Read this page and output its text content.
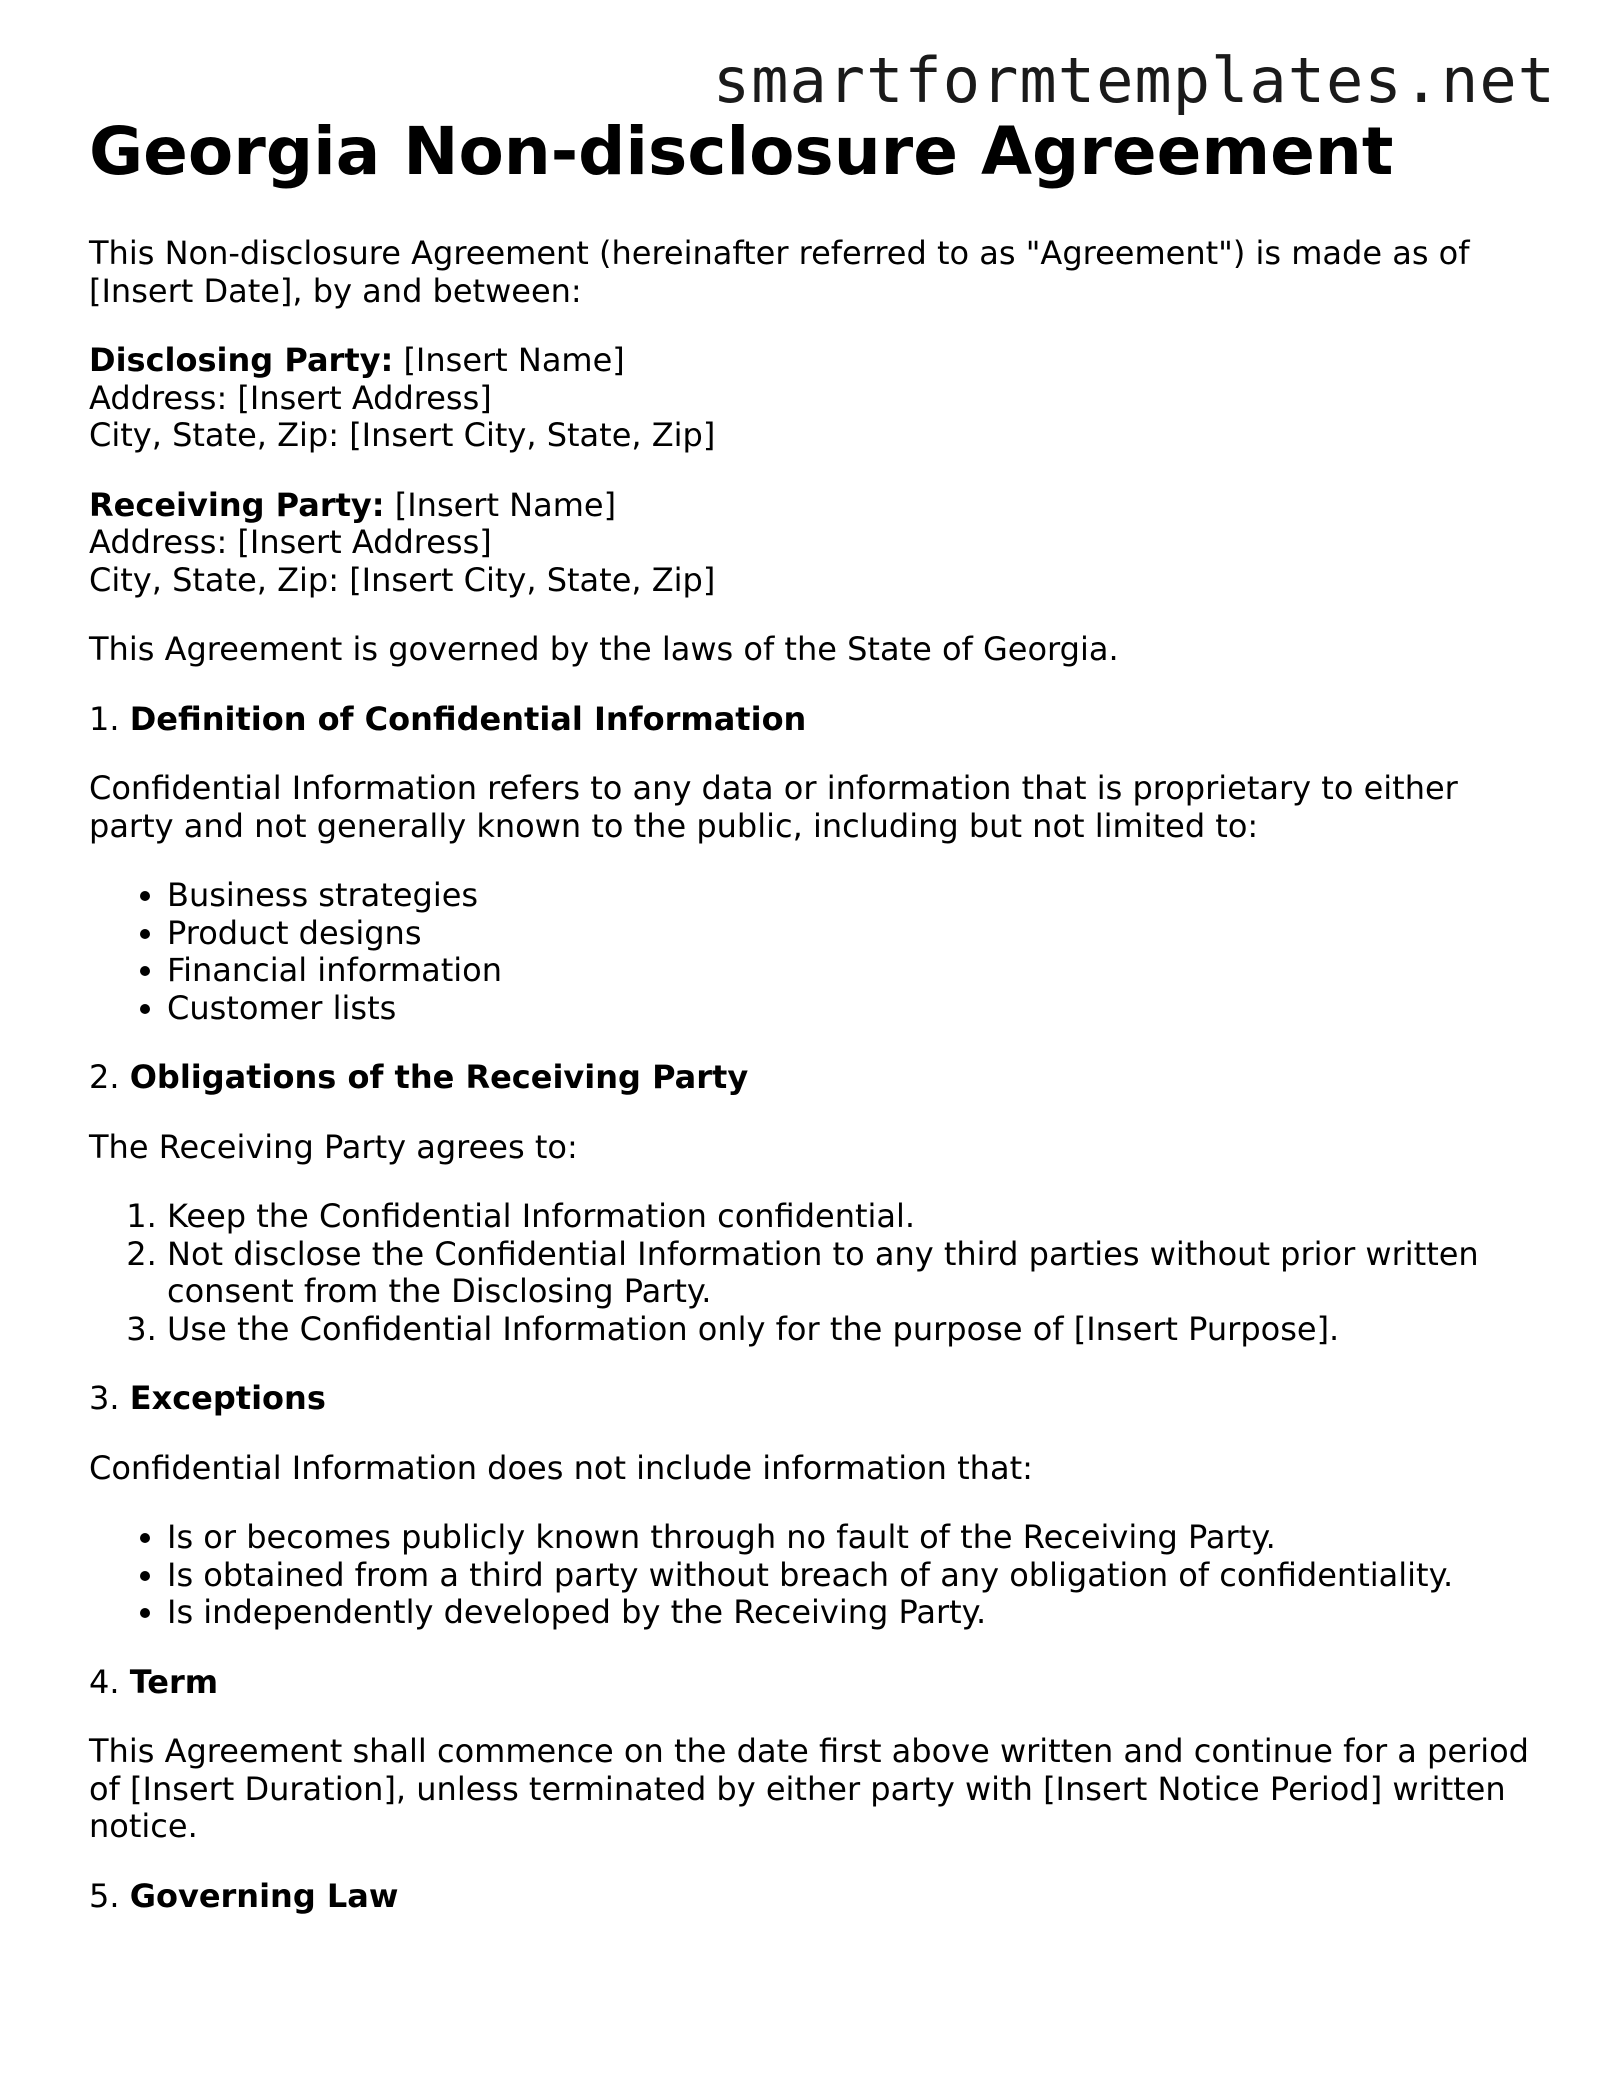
smartformtemplates.net
Georgia Non-disclosure Agreement

This Non-disclosure Agreement (hereinafter referred to as "Agreement") is made as of [Insert Date], by and between:

Disclosing Party: [Insert Name]
Address: [Insert Address]
City, State, Zip: [Insert City, State, Zip]
Receiving Party: [Insert Name]
Address: [Insert Address]
City, State, Zip: [Insert City, State, Zip]

This Agreement is governed by the laws of the State of Georgia.

1. Definition of Confidential Information

Confidential Information refers to any data or information that is proprietary to either party and not generally known to the public, including but not limited to:

• Business strategies
• Product designs
• Financial information
• Customer lists
2. Obligations of the Receiving Party

The Receiving Party agrees to:

1. Keep the Confidential Information confidential.
2. Not disclose the Confidential Information to any third parties without prior written consent from the Disclosing Party.
3. Use the Confidential Information only for the purpose of [Insert Purpose].
3. Exceptions

Confidential Information does not include information that:

• Is or becomes publicly known through no fault of the Receiving Party.
• Is obtained from a third party without breach of any obligation of confidentiality.
• Is independently developed by the Receiving Party.
4. Term

This Agreement shall commence on the date first above written and continue for a period of [Insert Duration], unless terminated by either party with [Insert Notice Period] written notice.

5. Governing Law
